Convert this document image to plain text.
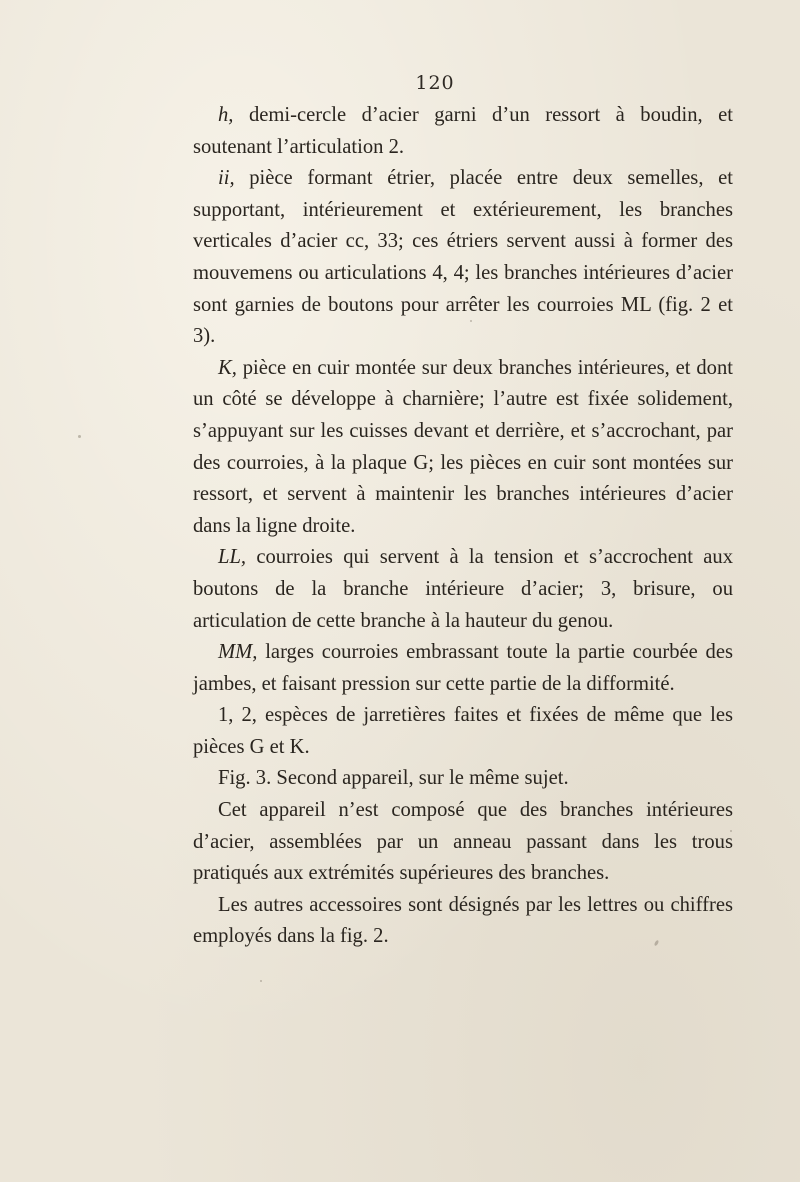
120

h, demi-cercle d’acier garni d’un ressort à boudin, et soutenant l’articulation 2.

ii, pièce formant étrier, placée entre deux semelles, et supportant, intérieurement et extérieurement, les branches verticales d’acier cc, 33; ces étriers servent aussi à former des mouvemens ou articulations 4, 4; les branches intérieures d’acier sont garnies de boutons pour arrêter les courroies ML (fig. 2 et 3).

K, pièce en cuir montée sur deux branches intérieures, et dont un côté se développe à charnière; l’autre est fixée solidement, s’appuyant sur les cuisses devant et derrière, et s’accrochant, par des courroies, à la plaque G; les pièces en cuir sont montées sur ressort, et servent à maintenir les branches intérieures d’acier dans la ligne droite.

LL, courroies qui servent à la tension et s’accrochent aux boutons de la branche intérieure d’acier; 3, brisure, ou articulation de cette branche à la hauteur du genou.

MM, larges courroies embrassant toute la partie courbée des jambes, et faisant pression sur cette partie de la difformité.

1, 2, espèces de jarretières faites et fixées de même que les pièces G et K.

Fig. 3. Second appareil, sur le même sujet.

Cet appareil n’est composé que des branches intérieures d’acier, assemblées par un anneau passant dans les trous pratiqués aux extrémités supérieures des branches.

Les autres accessoires sont désignés par les lettres ou chiffres employés dans la fig. 2.
